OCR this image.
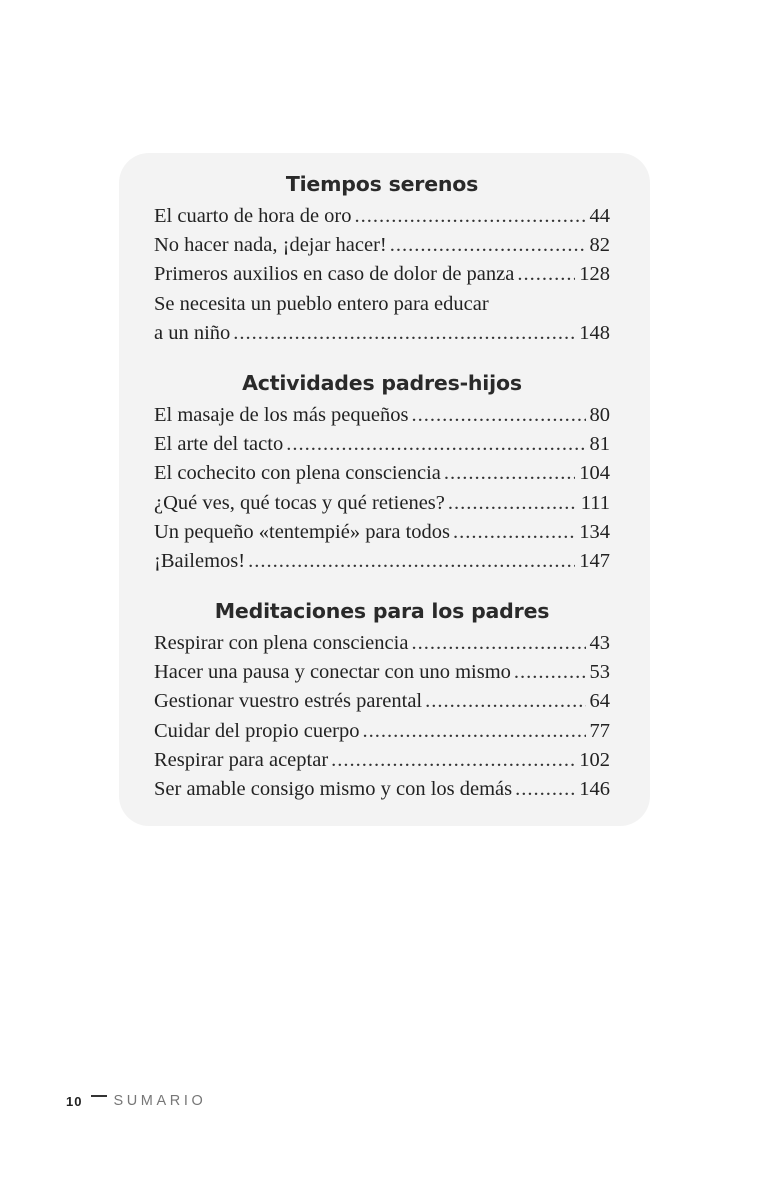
Tiempos serenos
El cuarto de hora de oro .....	44
No hacer nada, ¡dejar hacer! .....	82
Primeros auxilios en caso de dolor de panza .....	128
Se necesita un pueblo entero para educar
a un niño .....	148
Actividades padres-hijos
El masaje de los más pequeños .....	80
El arte del tacto .....	81
El cochecito con plena consciencia .....	104
¿Qué ves, qué tocas y qué retienes? .....	111
Un pequeño «tentempié» para todos .....	134
¡Bailemos! .....	147
Meditaciones para los padres
Respirar con plena consciencia .....	43
Hacer una pausa y conectar con uno mismo .....	53
Gestionar vuestro estrés parental .....	64
Cuidar del propio cuerpo .....	77
Respirar para aceptar .....	102
Ser amable consigo mismo y con los demás .....	146
10 SUMARIO
